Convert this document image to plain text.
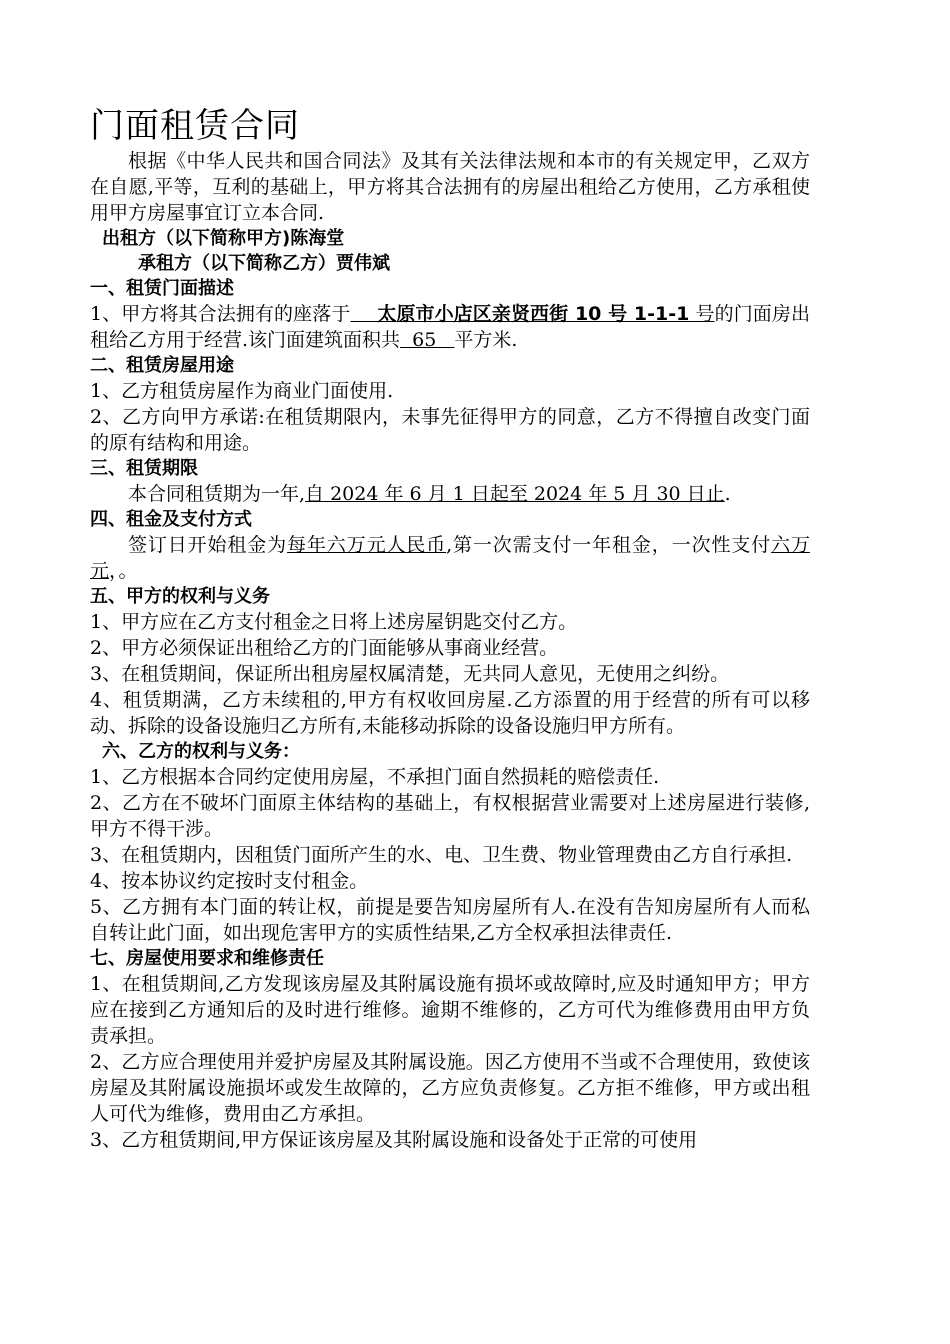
门面租赁合同

根据《中华人民共和国合同法》及其有关法律法规和本市的有关规定甲，乙双方在自愿,平等，互利的基础上，甲方将其合法拥有的房屋出租给乙方使用，乙方承租使用甲方房屋事宜订立本合同.

出租方（以下简称甲方)陈海堂

承租方（以下简称乙方）贾伟斌

一、租赁门面描述

1、甲方将其合法拥有的座落于    太原市小店区亲贤西街 10 号 1-1-1 号的门面房出租给乙方用于经营.该门面建筑面积共  65   平方米.

二、租赁房屋用途

1、乙方租赁房屋作为商业门面使用.

2、乙方向甲方承诺:在租赁期限内，未事先征得甲方的同意，乙方不得擅自改变门面的原有结构和用途。

三、租赁期限

本合同租赁期为一年,自 2024 年 6 月 1 日起至 2024 年 5 月 30 日止.

四、租金及支付方式

签订日开始租金为每年六万元人民币,第一次需支付一年租金，一次性支付六万元，。

五、甲方的权利与义务

1、甲方应在乙方支付租金之日将上述房屋钥匙交付乙方。

2、甲方必须保证出租给乙方的门面能够从事商业经营。

3、在租赁期间，保证所出租房屋权属清楚，无共同人意见，无使用之纠纷。

4、租赁期满，乙方未续租的,甲方有权收回房屋.乙方添置的用于经营的所有可以移动、拆除的设备设施归乙方所有,未能移动拆除的设备设施归甲方所有。

六、乙方的权利与义务：

1、乙方根据本合同约定使用房屋，不承担门面自然损耗的赔偿责任.

2、乙方在不破坏门面原主体结构的基础上，有权根据营业需要对上述房屋进行装修,甲方不得干涉。

3、在租赁期内，因租赁门面所产生的水、电、卫生费、物业管理费由乙方自行承担.

4、按本协议约定按时支付租金。

5、乙方拥有本门面的转让权，前提是要告知房屋所有人.在没有告知房屋所有人而私自转让此门面，如出现危害甲方的实质性结果,乙方全权承担法律责任.

七、房屋使用要求和维修责任

1、在租赁期间,乙方发现该房屋及其附属设施有损坏或故障时,应及时通知甲方；甲方应在接到乙方通知后的及时进行维修。逾期不维修的，乙方可代为维修费用由甲方负责承担。

2、乙方应合理使用并爱护房屋及其附属设施。因乙方使用不当或不合理使用，致使该房屋及其附属设施损坏或发生故障的，乙方应负责修复。乙方拒不维修，甲方或出租人可代为维修，费用由乙方承担。

3、乙方租赁期间,甲方保证该房屋及其附属设施和设备处于正常的可使用
